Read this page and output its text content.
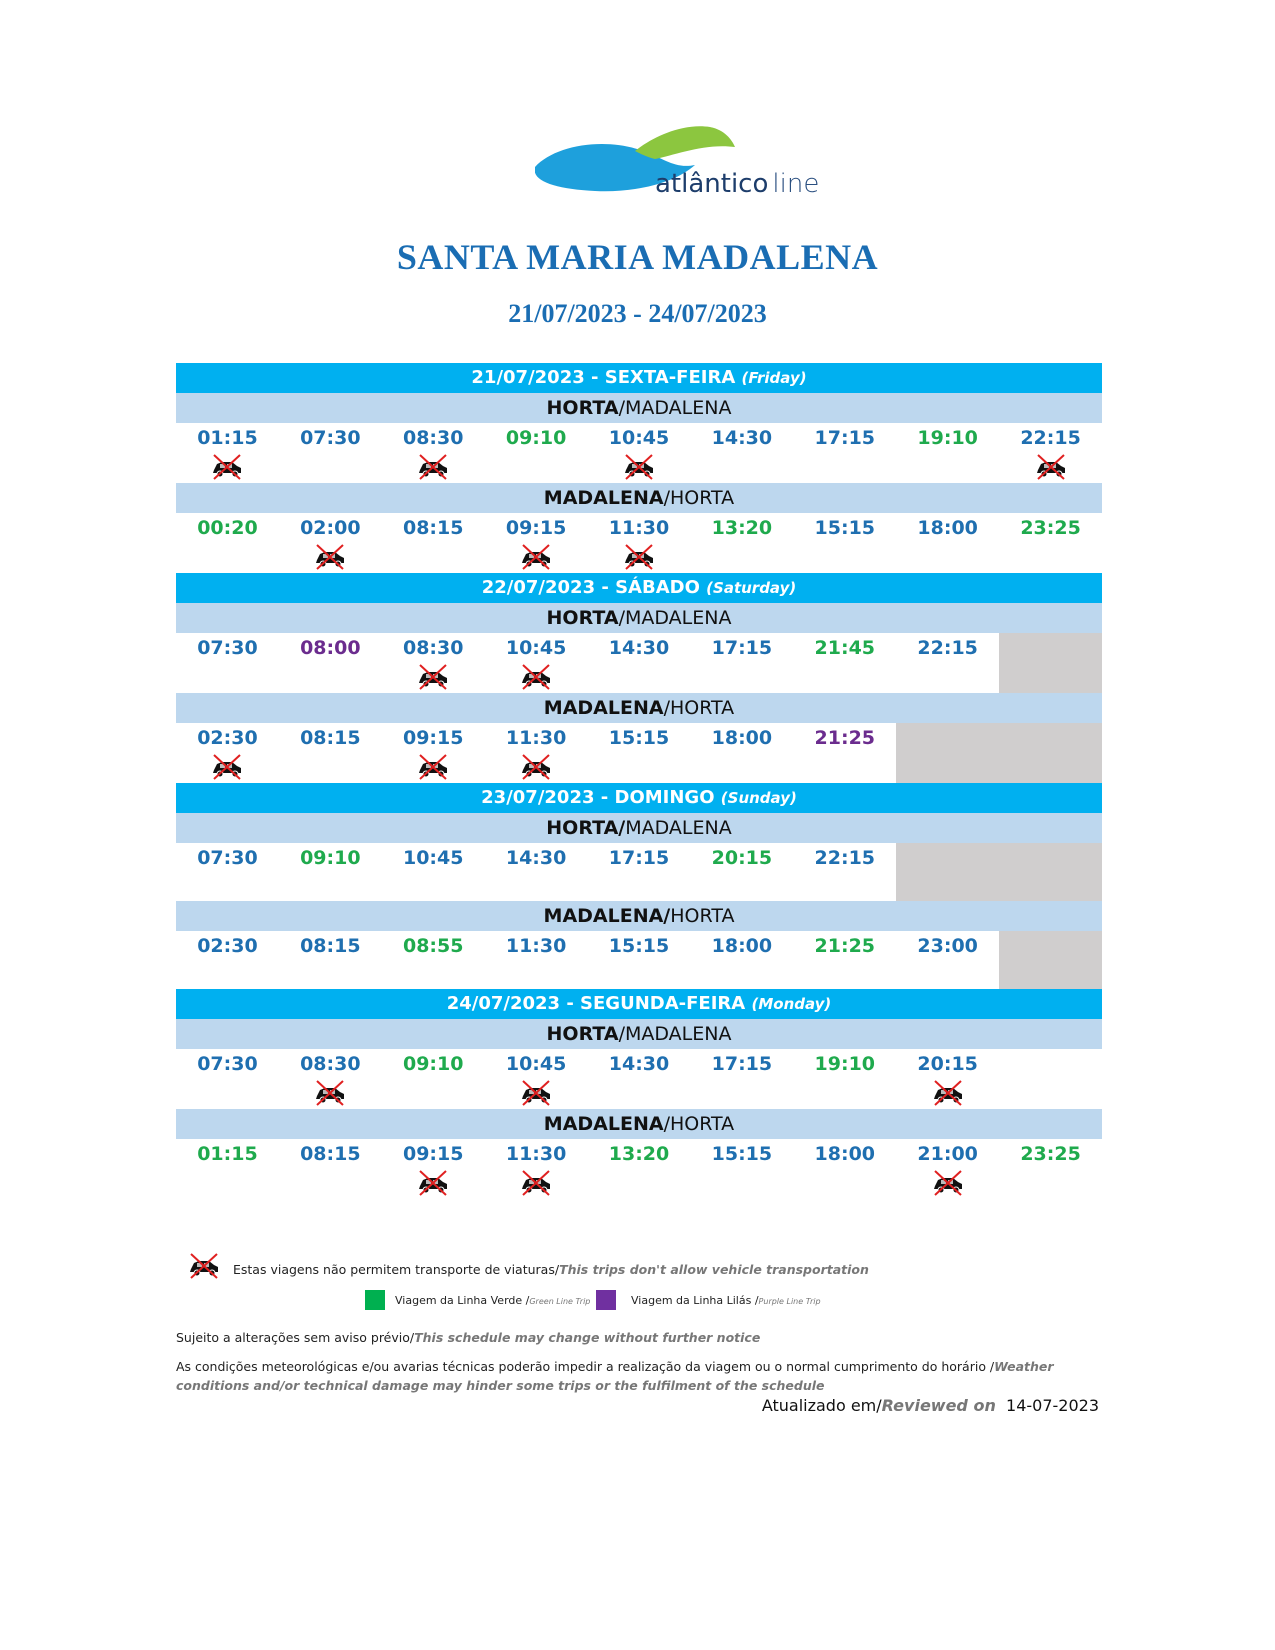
atlântico line
SANTA MARIA MADALENA
21/07/2023 - 24/07/2023
21/07/2023 - SEXTA-FEIRA (Friday)
HORTA/MADALENA
01:15	07:30	08:30	09:10	10:45	14:30	17:15	19:10	22:15
MADALENA/HORTA
00:20	02:00	08:15	09:15	11:30	13:20	15:15	18:00	23:25
22/07/2023 - SÁBADO (Saturday)
HORTA/MADALENA
07:30	08:00	08:30	10:45	14:30	17:15	21:45	22:15
MADALENA/HORTA
02:30	08:15	09:15	11:30	15:15	18:00	21:25
23/07/2023 - DOMINGO (Sunday)
HORTA/MADALENA
07:30	09:10	10:45	14:30	17:15	20:15	22:15
MADALENA/HORTA
02:30	08:15	08:55	11:30	15:15	18:00	21:25	23:00
24/07/2023 - SEGUNDA-FEIRA (Monday)
HORTA/MADALENA
07:30	08:30	09:10	10:45	14:30	17:15	19:10	20:15
MADALENA/HORTA
01:15	08:15	09:15	11:30	13:20	15:15	18:00	21:00	23:25
Estas viagens não permitem transporte de viaturas/This trips don't allow vehicle transportation
Viagem da Linha Verde /Green Line Trip	Viagem da Linha Lilás /Purple Line Trip
Sujeito a alterações sem aviso prévio/This schedule may change without further notice
As condições meteorológicas e/ou avarias técnicas poderão impedir a realização da viagem ou o normal cumprimento do horário /Weather conditions and/or technical damage may hinder some trips or the fulfilment of the schedule
Atualizado em/Reviewed on 14-07-2023
